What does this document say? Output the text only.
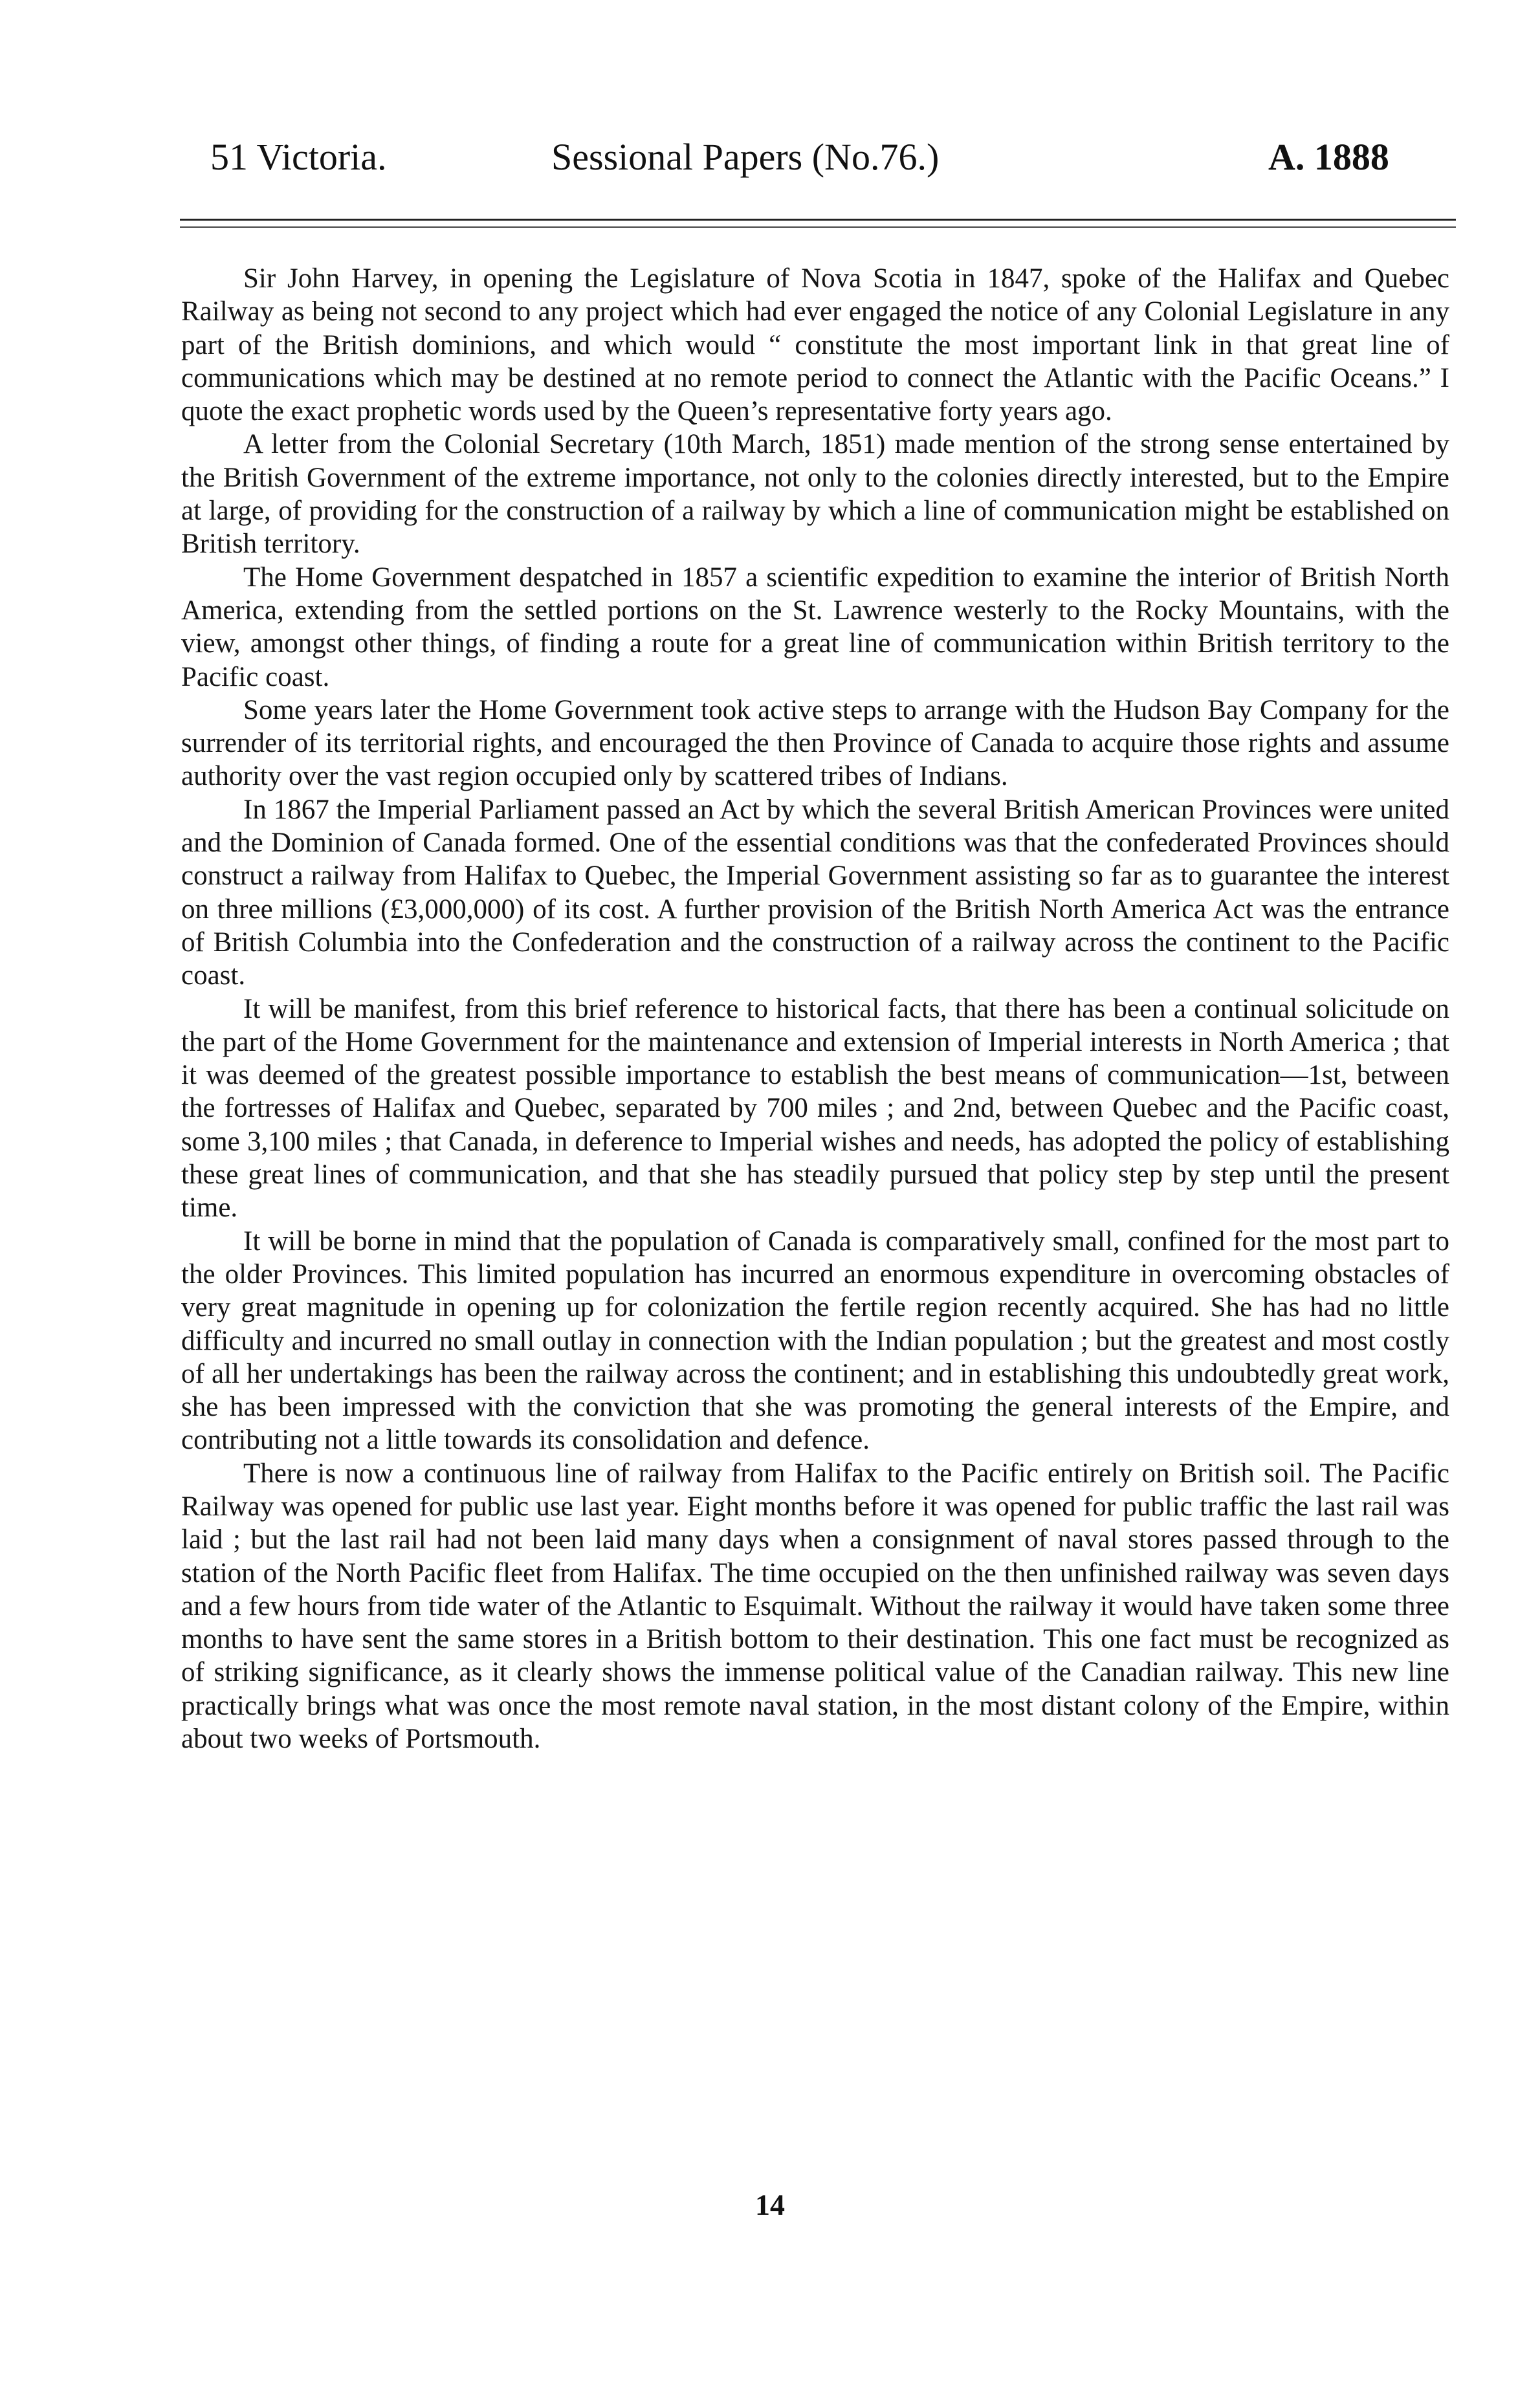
51 Victoria.	Sessional Papers (No.76.)	A. 1888

Sir John Harvey, in opening the Legislature of Nova Scotia in 1847, spoke of the Halifax and Quebec Railway as being not second to any project which had ever engaged the notice of any Colonial Legislature in any part of the British dominions, and which would “ constitute the most important link in that great line of communications which may be destined at no remote period to connect the Atlantic with the Pacific Oceans.” I quote the exact prophetic words used by the Queen’s representative forty years ago.

A letter from the Colonial Secretary (10th March, 1851) made mention of the strong sense entertained by the British Government of the extreme importance, not only to the colonies directly interested, but to the Empire at large, of providing for the construction of a railway by which a line of communication might be established on British territory.

The Home Government despatched in 1857 a scientific expedition to examine the interior of British North America, extending from the settled portions on the St. Lawrence westerly to the Rocky Mountains, with the view, amongst other things, of finding a route for a great line of communication within British territory to the Pacific coast.

Some years later the Home Government took active steps to arrange with the Hudson Bay Company for the surrender of its territorial rights, and encouraged the then Province of Canada to acquire those rights and assume authority over the vast region occupied only by scattered tribes of Indians.

In 1867 the Imperial Parliament passed an Act by which the several British American Provinces were united and the Dominion of Canada formed. One of the essential conditions was that the confederated Provinces should construct a railway from Halifax to Quebec, the Imperial Government assisting so far as to guarantee the interest on three millions (£3,000,000) of its cost. A further provision of the British North America Act was the entrance of British Columbia into the Confederation and the construction of a railway across the continent to the Pacific coast.

It will be manifest, from this brief reference to historical facts, that there has been a continual solicitude on the part of the Home Government for the maintenance and extension of Imperial interests in North America ; that it was deemed of the greatest possible importance to establish the best means of communication—1st, between the fortresses of Halifax and Quebec, separated by 700 miles ; and 2nd, between Quebec and the Pacific coast, some 3,100 miles ; that Canada, in deference to Imperial wishes and needs, has adopted the policy of establishing these great lines of communication, and that she has steadily pursued that policy step by step until the present time.

It will be borne in mind that the population of Canada is comparatively small, confined for the most part to the older Provinces. This limited population has incurred an enormous expenditure in overcoming obstacles of very great magnitude in opening up for colonization the fertile region recently acquired. She has had no little difficulty and incurred no small outlay in connection with the Indian population ; but the greatest and most costly of all her undertakings has been the railway across the continent; and in establishing this undoubtedly great work, she has been impressed with the conviction that she was promoting the general interests of the Empire, and contributing not a little towards its consolidation and defence.

There is now a continuous line of railway from Halifax to the Pacific entirely on British soil. The Pacific Railway was opened for public use last year. Eight months before it was opened for public traffic the last rail was laid ; but the last rail had not been laid many days when a consignment of naval stores passed through to the station of the North Pacific fleet from Halifax. The time occupied on the then unfinished railway was seven days and a few hours from tide water of the Atlantic to Esquimalt. Without the railway it would have taken some three months to have sent the same stores in a British bottom to their destination. This one fact must be recognized as of striking significance, as it clearly shows the immense political value of the Canadian railway. This new line practically brings what was once the most remote naval station, in the most distant colony of the Empire, within about two weeks of Portsmouth.

14
